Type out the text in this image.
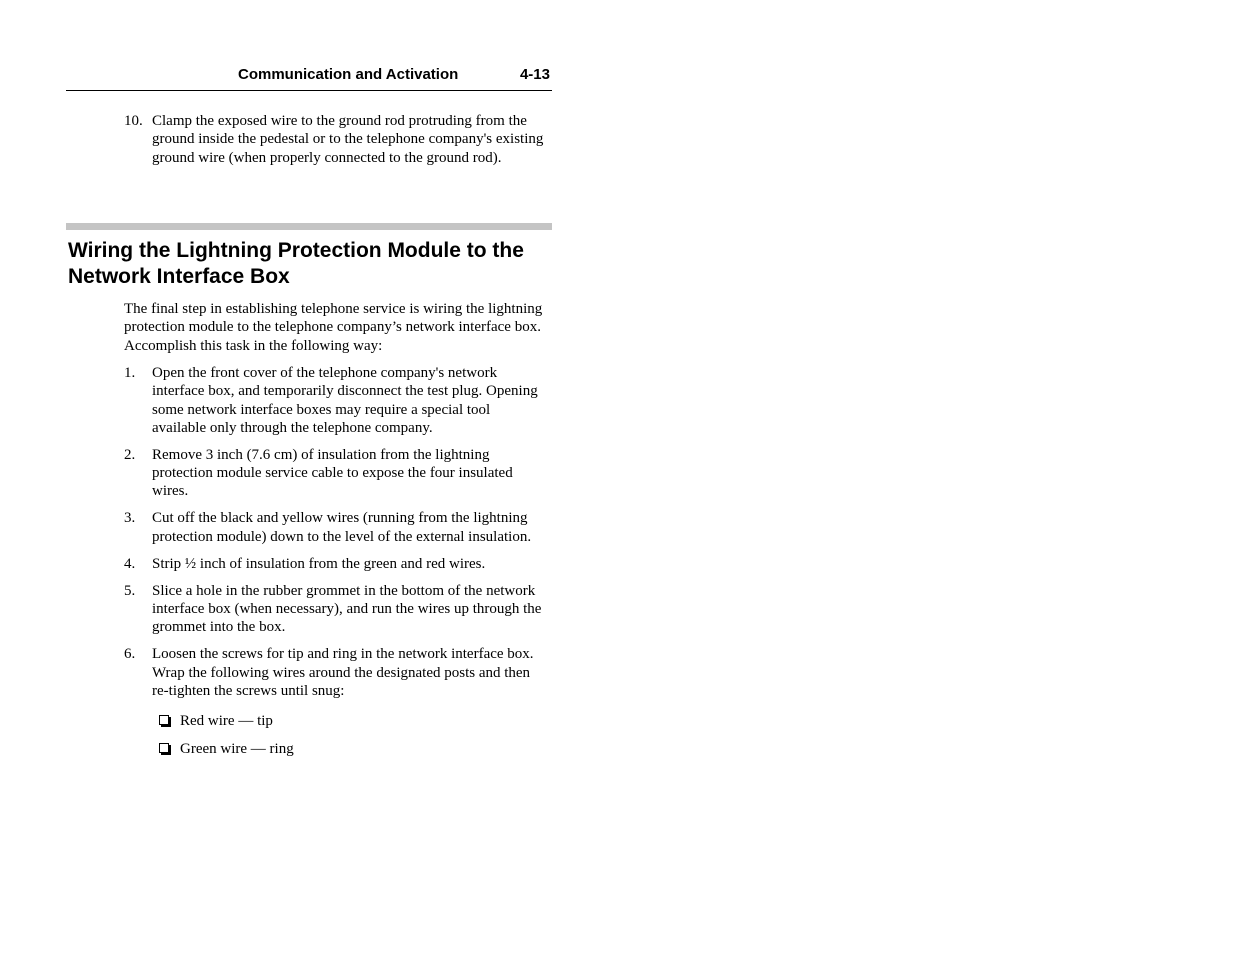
Communication and Activation	4-13
10. Clamp the exposed wire to the ground rod protruding from the ground inside the pedestal or to the telephone company's existing ground wire (when properly connected to the ground rod).
Wiring the Lightning Protection Module to the Network Interface Box
The final step in establishing telephone service is wiring the lightning protection module to the telephone company’s network interface box. Accomplish this task in the following way:
1. Open the front cover of the telephone company's network interface box, and temporarily disconnect the test plug. Opening some network interface boxes may require a special tool available only through the telephone company.
2. Remove 3 inch (7.6 cm) of insulation from the lightning protection module service cable to expose the four insulated wires.
3. Cut off the black and yellow wires (running from the lightning protection module) down to the level of the external insulation.
4. Strip ½ inch of insulation from the green and red wires.
5. Slice a hole in the rubber grommet in the bottom of the network interface box (when necessary), and run the wires up through the grommet into the box.
6. Loosen the screws for tip and ring in the network interface box. Wrap the following wires around the designated posts and then re-tighten the screws until snug:
Red wire — tip
Green wire — ring
